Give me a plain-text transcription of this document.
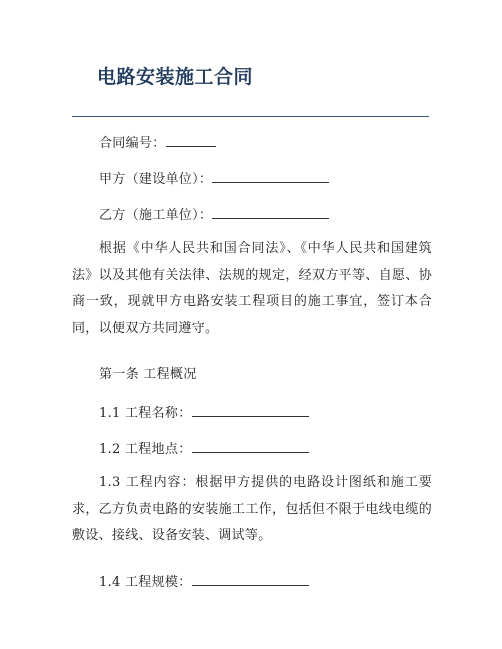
电路安装施工合同
合同编号：
甲方（建设单位）：
乙方（施工单位）：
根据《中华人民共和国合同法》、《中华人民共和国建筑法》以及其他有关法律、法规的规定，经双方平等、自愿、协商一致，现就甲方电路安装工程项目的施工事宜，签订本合同，以便双方共同遵守。
第一条 工程概况
1.1 工程名称：
1.2 工程地点：
1.3 工程内容：根据甲方提供的电路设计图纸和施工要求，乙方负责电路的安装施工工作，包括但不限于电线电缆的敷设、接线、设备安装、调试等。
1.4 工程规模：
